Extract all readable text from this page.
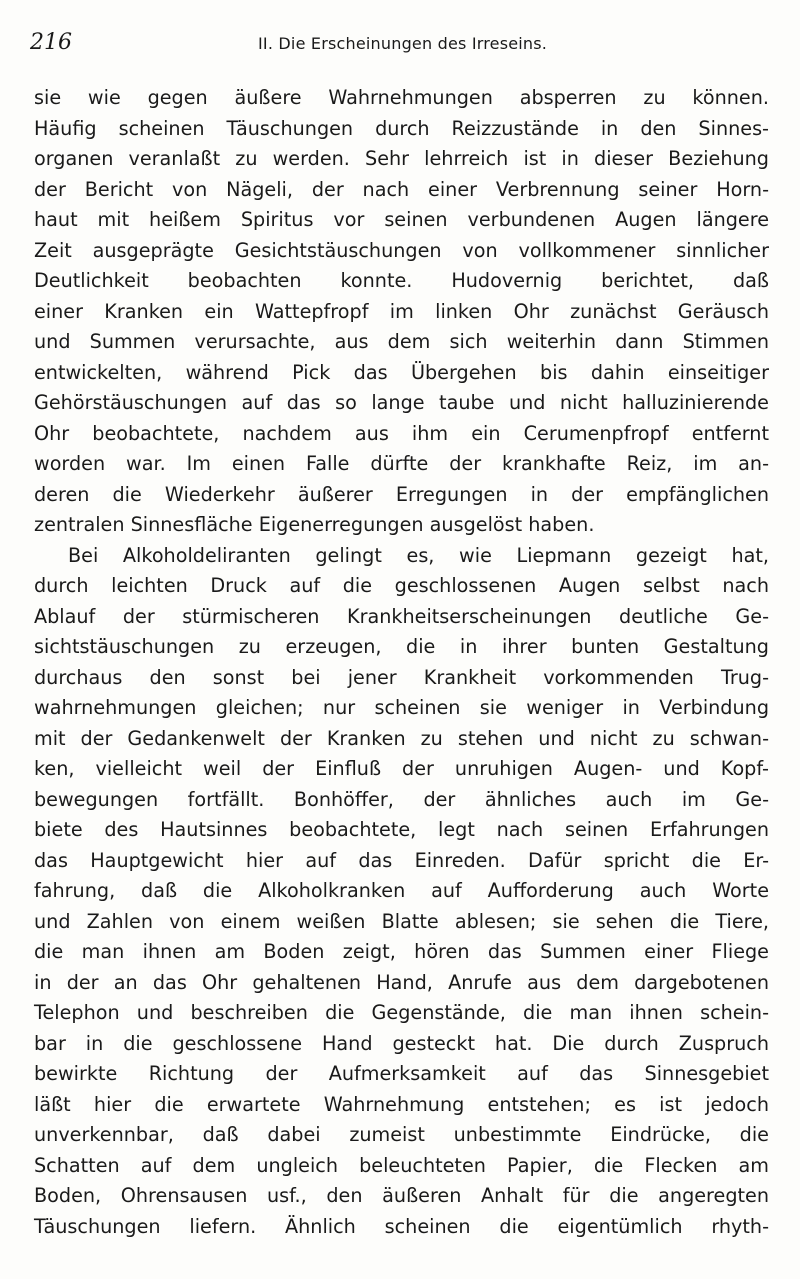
216	II. Die Erscheinungen des Irreseins.
sie wie gegen äußere Wahrnehmungen absperren zu können.
Häufig scheinen Täuschungen durch Reizzustände in den Sinnes-
organen veranlaßt zu werden. Sehr lehrreich ist in dieser Beziehung
der Bericht von Nägeli, der nach einer Verbrennung seiner Horn-
haut mit heißem Spiritus vor seinen verbundenen Augen längere
Zeit ausgeprägte Gesichtstäuschungen von vollkommener sinnlicher
Deutlichkeit beobachten konnte. Hudovernig berichtet, daß
einer Kranken ein Wattepfropf im linken Ohr zunächst Geräusch
und Summen verursachte, aus dem sich weiterhin dann Stimmen
entwickelten, während Pick das Übergehen bis dahin einseitiger
Gehörstäuschungen auf das so lange taube und nicht halluzinierende
Ohr beobachtete, nachdem aus ihm ein Cerumenpfropf entfernt
worden war. Im einen Falle dürfte der krankhafte Reiz, im an-
deren die Wiederkehr äußerer Erregungen in der empfänglichen
zentralen Sinnesfläche Eigenerregungen ausgelöst haben.
Bei Alkoholdeliranten gelingt es, wie Liepmann gezeigt hat,
durch leichten Druck auf die geschlossenen Augen selbst nach
Ablauf der stürmischeren Krankheitserscheinungen deutliche Ge-
sichtstäuschungen zu erzeugen, die in ihrer bunten Gestaltung
durchaus den sonst bei jener Krankheit vorkommenden Trug-
wahrnehmungen gleichen; nur scheinen sie weniger in Verbindung
mit der Gedankenwelt der Kranken zu stehen und nicht zu schwan-
ken, vielleicht weil der Einfluß der unruhigen Augen- und Kopf-
bewegungen fortfällt. Bonhöffer, der ähnliches auch im Ge-
biete des Hautsinnes beobachtete, legt nach seinen Erfahrungen
das Hauptgewicht hier auf das Einreden. Dafür spricht die Er-
fahrung, daß die Alkoholkranken auf Aufforderung auch Worte
und Zahlen von einem weißen Blatte ablesen; sie sehen die Tiere,
die man ihnen am Boden zeigt, hören das Summen einer Fliege
in der an das Ohr gehaltenen Hand, Anrufe aus dem dargebotenen
Telephon und beschreiben die Gegenstände, die man ihnen schein-
bar in die geschlossene Hand gesteckt hat. Die durch Zuspruch
bewirkte Richtung der Aufmerksamkeit auf das Sinnesgebiet
läßt hier die erwartete Wahrnehmung entstehen; es ist jedoch
unverkennbar, daß dabei zumeist unbestimmte Eindrücke, die
Schatten auf dem ungleich beleuchteten Papier, die Flecken am
Boden, Ohrensausen usf., den äußeren Anhalt für die angeregten
Täuschungen liefern. Ähnlich scheinen die eigentümlich rhyth-
